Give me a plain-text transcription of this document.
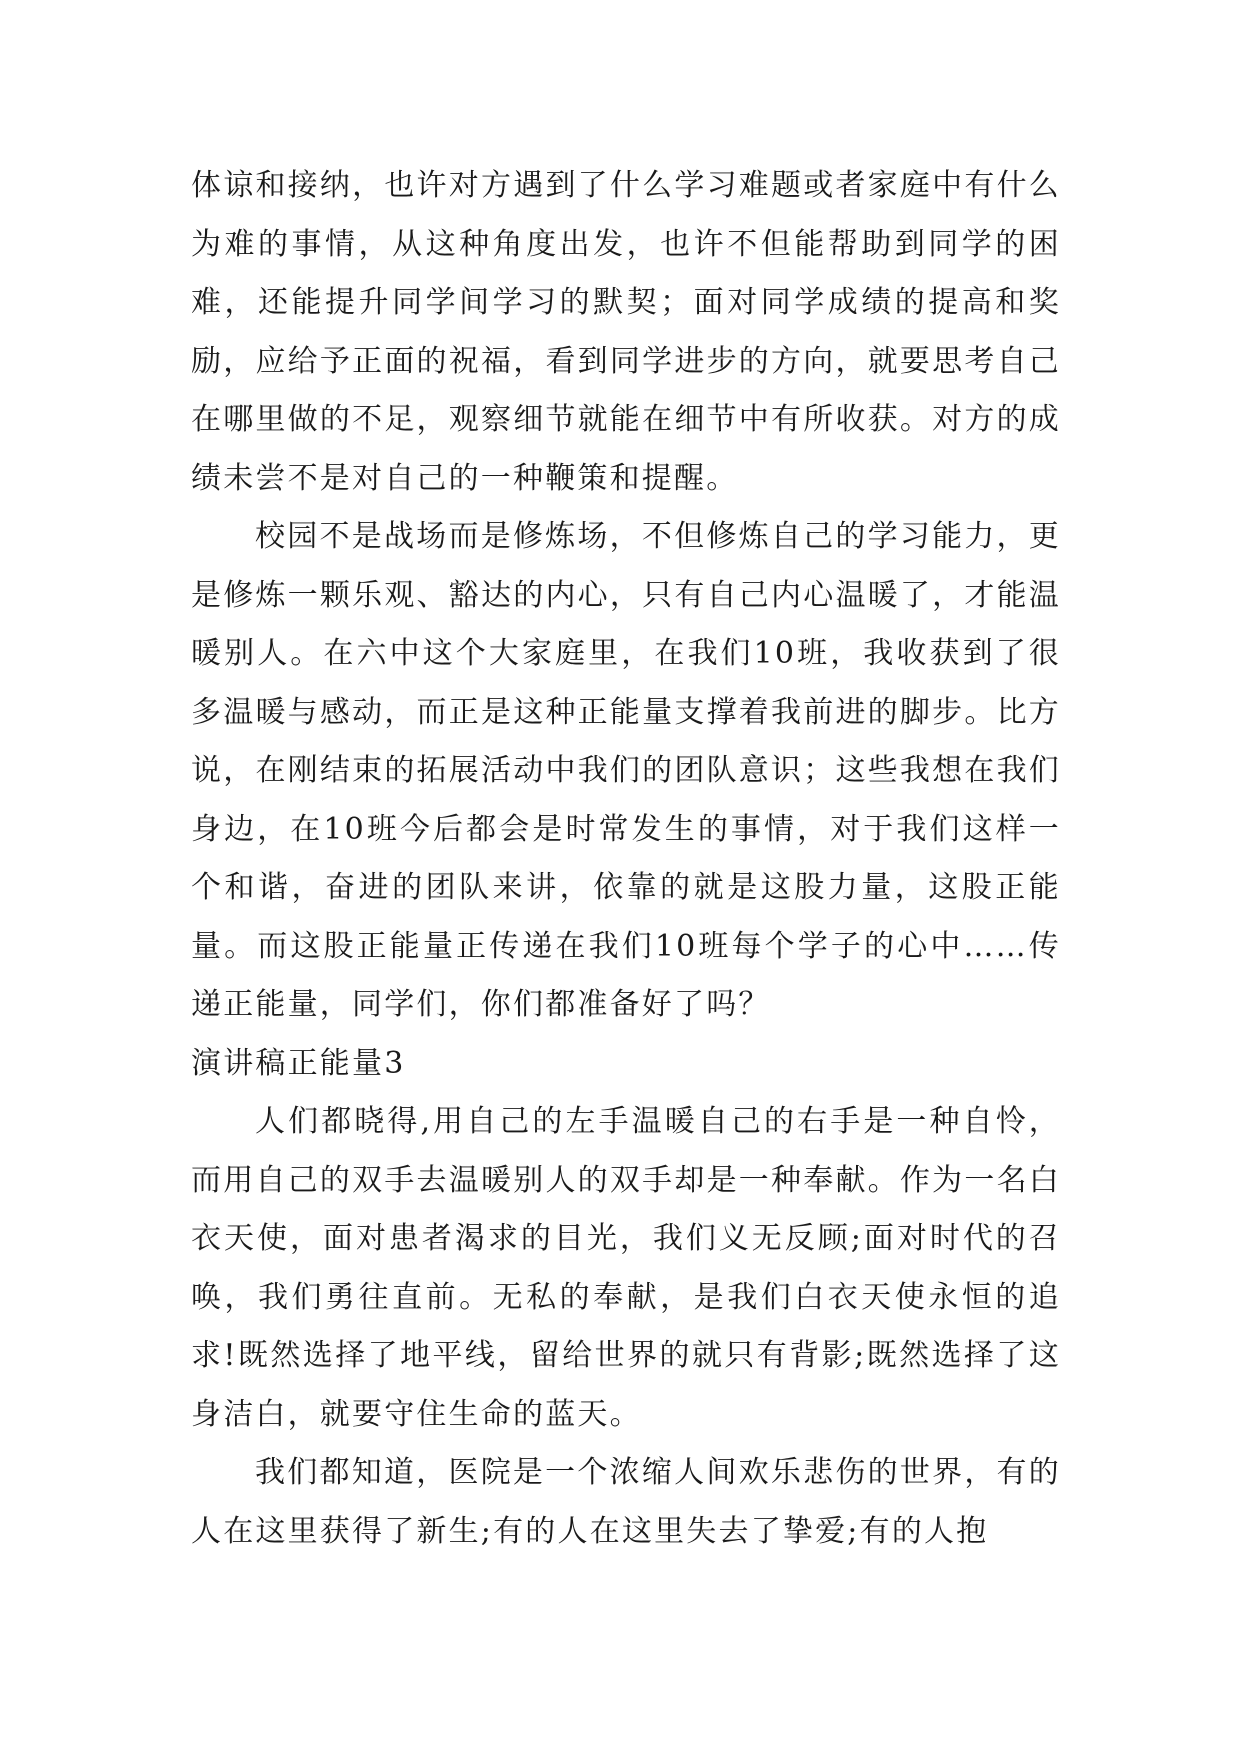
体谅和接纳，也许对方遇到了什么学习难题或者家庭中有什么为难的事情，从这种角度出发，也许不但能帮助到同学的困难，还能提升同学间学习的默契；面对同学成绩的提高和奖励，应给予正面的祝福，看到同学进步的方向，就要思考自己在哪里做的不足，观察细节就能在细节中有所收获。对方的成绩未尝不是对自己的一种鞭策和提醒。

校园不是战场而是修炼场，不但修炼自己的学习能力，更是修炼一颗乐观、豁达的内心，只有自己内心温暖了，才能温暖别人。在六中这个大家庭里，在我们10班，我收获到了很多温暖与感动，而正是这种正能量支撑着我前进的脚步。比方说，在刚结束的拓展活动中我们的团队意识；这些我想在我们身边，在10班今后都会是时常发生的事情，对于我们这样一个和谐，奋进的团队来讲，依靠的就是这股力量，这股正能量。而这股正能量正传递在我们10班每个学子的心中……传递正能量，同学们，你们都准备好了吗？

演讲稿正能量3

人们都晓得,用自己的左手温暖自己的右手是一种自怜，而用自己的双手去温暖别人的双手却是一种奉献。作为一名白衣天使，面对患者渴求的目光，我们义无反顾;面对时代的召唤，我们勇往直前。无私的奉献，是我们白衣天使永恒的追求!既然选择了地平线，留给世界的就只有背影;既然选择了这身洁白，就要守住生命的蓝天。

我们都知道，医院是一个浓缩人间欢乐悲伤的世界，有的人在这里获得了新生;有的人在这里失去了挚爱;有的人抱
